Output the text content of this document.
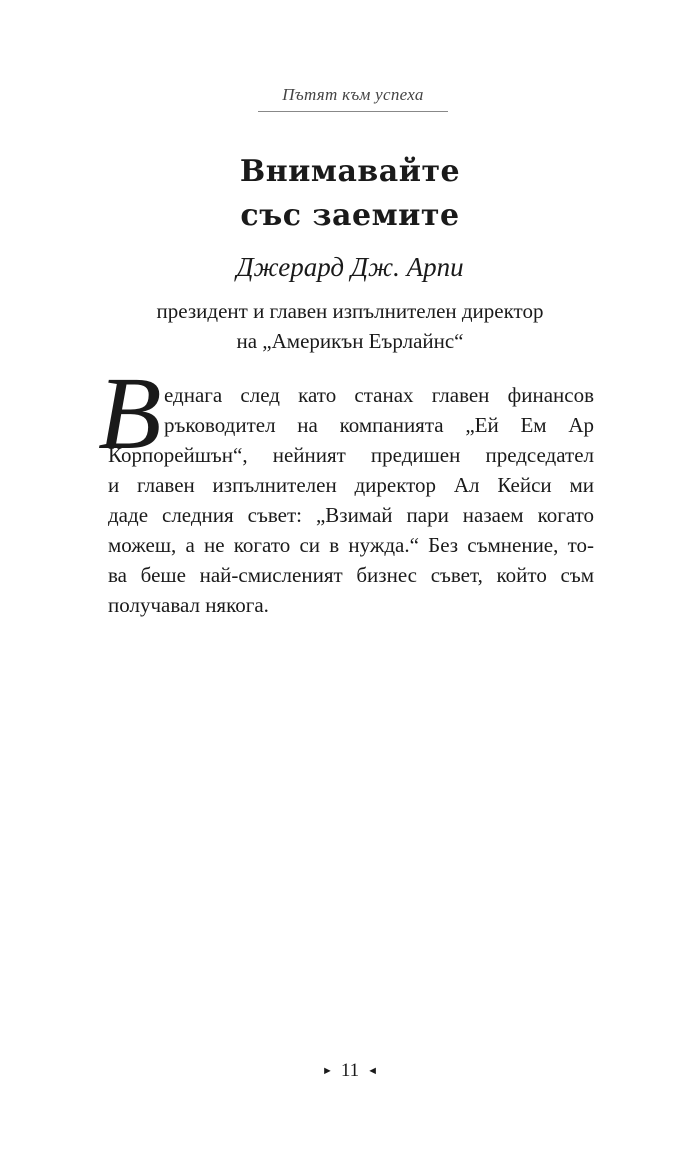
Пътят към успеха
Внимавайте
със заемите
Джерард Дж. Арпи
президент и главен изпълнителен директор
на „Америкън Еърлайнс“
В еднага след като станах главен финансов
ръководител на компанията „Ей Ем Ар
Корпорейшън“, нейният предишен председател
и главен изпълнителен директор Ал Кейси ми
даде следния съвет: „Взимай пари назаем когато
можеш, а не когато си в нужда.“ Без съмнение, то-
ва беше най-смисленият бизнес съвет, който съм
получавал някога.
► 11 ◄
